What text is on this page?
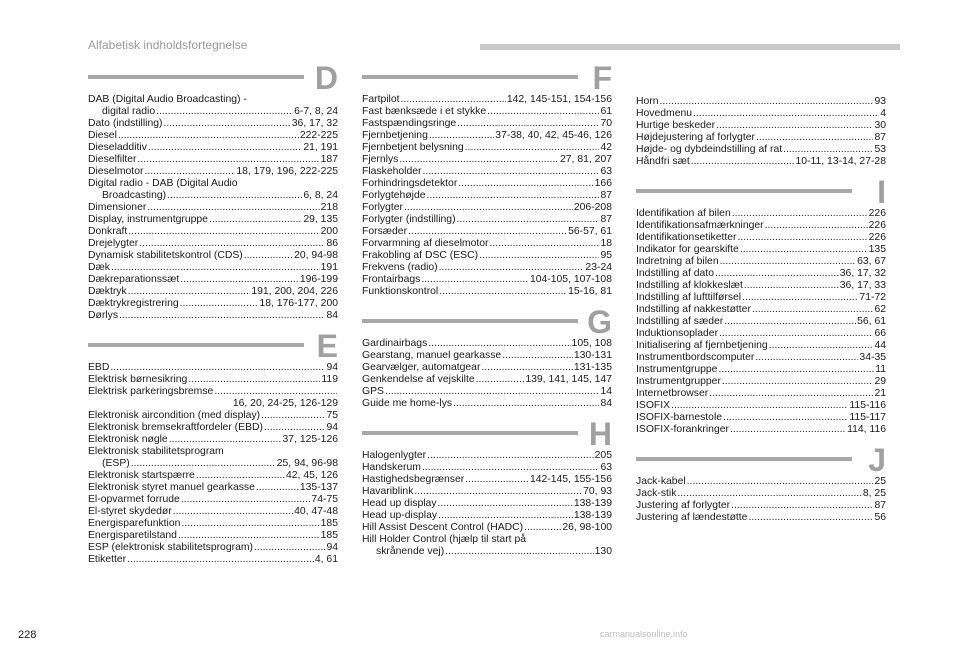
Alfabetisk indholdsfortegnelse
D
DAB (Digital Audio Broadcasting) -
digital radio .....	6-7, 8, 24
Dato (indstilling) .....	36, 17, 32
Diesel .....	222-225
Dieseladditiv .....	21, 191
Dieselfilter .....	187
Dieselmotor .....	18, 179, 196, 222-225
Digital radio - DAB (Digital Audio
Broadcasting) .....	6, 8, 24
Dimensioner .....	218
Display, instrumentgruppe .....	29, 135
Donkraft .....	200
Drejelygter .....	86
Dynamisk stabilitetskontrol (CDS) .....	20, 94-98
Dæk .....	191
Dækreparationssæt .....	196-199
Dæktryk .....	191, 200, 204, 226
Dæktrykregistrering .....	18, 176-177, 200
Dørlys .....	84
E
EBD .....	94
Elektrisk børnesikring .....	119
Elektrisk parkeringsbremse
.....
16, 20, 24-25, 126-129
Elektronisk aircondition (med display) .....	75
Elektronisk bremsekraftfordeler (EBD) .....	94
Elektronisk nøgle .....	37, 125-126
Elektronisk stabilitetsprogram
(ESP) .....	25, 94, 96-98
Elektronisk startspærre .....	42, 45, 126
Elektronisk styret manuel gearkasse .....	135-137
El-opvarmet forrude .....	74-75
El-styret skydedør .....	40, 47-48
Energisparefunktion .....	185
Energisparetilstand .....	185
ESP (elektronisk stabilitetsprogram) .....	94
Etiketter .....	4, 61
F
Fartpilot .....	142, 145-151, 154-156
Fast bænksæde i et stykke .....	61
Fastspændingsringe .....	70
Fjernbetjening .....	37-38, 40, 42, 45-46, 126
Fjernbetjent belysning .....	42
Fjernlys .....	27, 81, 207
Flaskeholder .....	63
Forhindringsdetektor .....	166
Forlygtehøjde .....	87
Forlygter .....	206-208
Forlygter (indstilling) .....	87
Forsæder .....	56-57, 61
Forvarmning af dieselmotor .....	18
Frakobling af DSC (ESC) .....	95
Frekvens (radio) .....	23-24
Frontairbags .....	104-105, 107-108
Funktionskontrol .....	15-16, 81
G
Gardinairbags .....	105, 108
Gearstang, manuel gearkasse .....	130-131
Gearvælger, automatgear .....	131-135
Genkendelse af vejskilte .....	139, 141, 145, 147
GPS .....	14
Guide me home-lys .....	84
H
Halogenlygter .....	205
Handskerum .....	63
Hastighedsbegrænser .....	142-145, 155-156
Havariblink .....	70, 93
Head up display .....	138-139
Head up-display .....	138-139
Hill Assist Descent Control (HADC) .....	26, 98-100
Hill Holder Control (hjælp til start på
skrånende vej) .....	130
Horn .....	93
Hovedmenu .....	4
Hurtige beskeder .....	30
Højdejustering af forlygter .....	87
Højde- og dybdeindstilling af rat .....	53
Håndfri sæt .....	10-11, 13-14, 27-28
I
Identifikation af bilen .....	226
Identifikationsafmærkninger .....	226
Identifikationsetiketter .....	226
Indikator for gearskifte .....	135
Indretning af bilen .....	63, 67
Indstilling af dato .....	36, 17, 32
Indstilling af klokkeslæt .....	36, 17, 33
Indstilling af lufttilførsel .....	71-72
Indstilling af nakkestøtter .....	62
Indstilling af sæder .....	56, 61
Induktionsoplader .....	66
Initialisering af fjernbetjening .....	44
Instrumentbordscomputer .....	34-35
Instrumentgruppe .....	11
Instrumentgrupper .....	29
Internetbrowser .....	21
ISOFIX .....	115-116
ISOFIX-barnestole .....	115-117
ISOFIX-forankringer .....	114, 116
J
Jack-kabel .....	25
Jack-stik .....	8, 25
Justering af forlygter .....	87
Justering af lændestøtte .....	56
228	carmanualsonline.info
